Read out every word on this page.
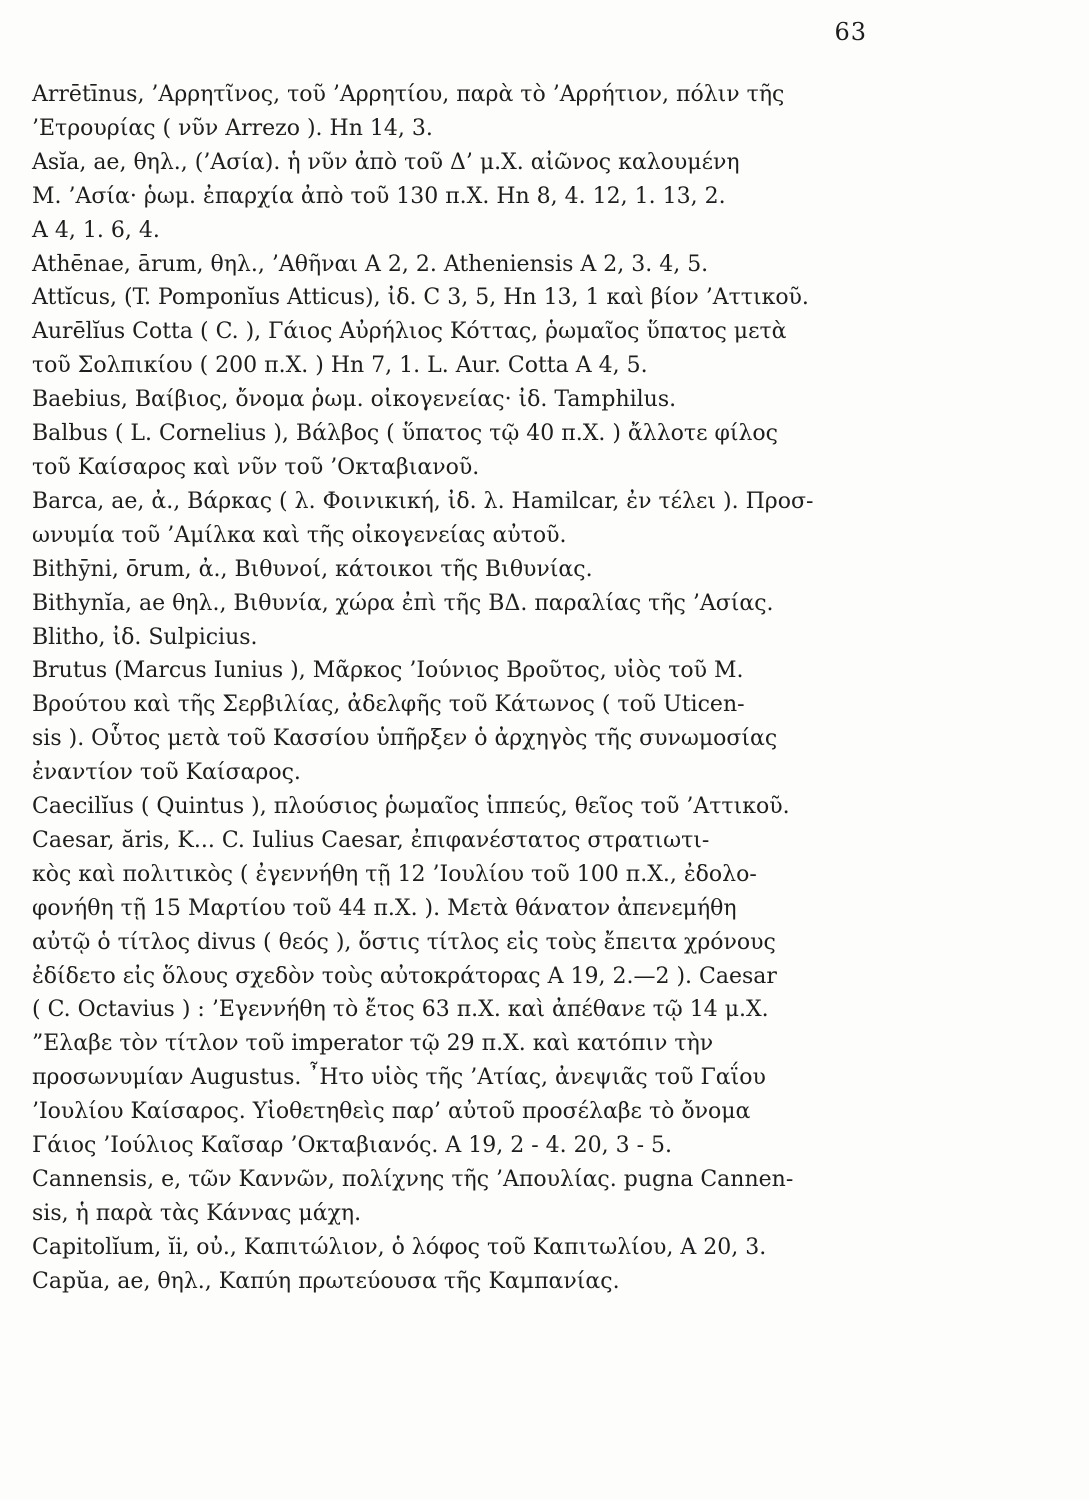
63
Arrētīnus, ’Αρρητῖνος, τοῦ ’Αρρητίου, παρὰ τὸ ’Αρρήτιον, πόλιν τῆς
’Ετρουρίας ( νῦν Arrezo ). Hn 14, 3.
Asĭa, ae, θηλ., (’Ασία). ἡ νῦν ἀπὸ τοῦ Δ’ μ.Χ. αἰῶνος καλουμένη
Μ. ’Ασία· ῥωμ. ἐπαρχία ἀπὸ τοῦ 130 π.Χ. Hn 8, 4. 12, 1. 13, 2.
A 4, 1. 6, 4.
Athēnae, ārum, θηλ., ’Αθῆναι A 2, 2. Atheniensis A 2, 3. 4, 5.
Attĭcus, (T. Pomponĭus Atticus), ἰδ. C 3, 5, Hn 13, 1 καὶ βίον ’Αττικοῦ.
Aurēlĭus Cotta ( C. ), Γάιος Αὐρήλιος Κόττας, ῥωμαῖος ὕπατος μετὰ
τοῦ Σολπικίου ( 200 π.Χ. ) Hn 7, 1. L. Aur. Cotta A 4, 5.
Baebius, Βαίβιος, ὄνομα ῥωμ. οἰκογενείας· ἰδ. Tamphilus.
Balbus ( L. Cornelius ), Βάλβος ( ὕπατος τῷ 40 π.Χ. ) ἄλλοτε φίλος
τοῦ Καίσαρος καὶ νῦν τοῦ ’Οκταβιανοῦ.
Barca, ae, ἀ., Βάρκας ( λ. Φοινικική, ἰδ. λ. Hamilcar, ἐν τέλει ). Προσ-
ωνυμία τοῦ ’Αμίλκα καὶ τῆς οἰκογενείας αὐτοῦ.
Bithȳni, ōrum, ἀ., Βιθυνοί, κάτοικοι τῆς Βιθυνίας.
Bithynĭa, ae θηλ., Βιθυνία, χώρα ἐπὶ τῆς ΒΔ. παραλίας τῆς ’Ασίας.
Blitho, ἰδ. Sulpicius.
Brutus (Marcus Iunius ), Μᾶρκος ’Ιούνιος Βροῦτος, υἱὸς τοῦ Μ.
Βρούτου καὶ τῆς Σερβιλίας, ἀδελφῆς τοῦ Κάτωνος ( τοῦ Uticen-
sis ). Οὗτος μετὰ τοῦ Κασσίου ὑπῆρξεν ὁ ἀρχηγὸς τῆς συνωμοσίας
ἐναντίον τοῦ Καίσαρος.
Caecilĭus ( Quintus ), πλούσιος ῥωμαῖος ἱππεύς, θεῖος τοῦ ’Αττικοῦ.
Caesar, ăris, Κ... C. Iulius Caesar, ἐπιφανέστατος στρατιωτι-
κὸς καὶ πολιτικὸς ( ἐγεννήθη τῇ 12 ’Ιουλίου τοῦ 100 π.Χ., ἐδολο-
φονήθη τῇ 15 Μαρτίου τοῦ 44 π.Χ. ). Μετὰ θάνατον ἀπενεμήθη
αὐτῷ ὁ τίτλος divus ( θεός ), ὅστις τίτλος εἰς τοὺς ἔπειτα χρόνους
ἐδίδετο εἰς ὅλους σχεδὸν τοὺς αὐτοκράτορας A 19, 2.—2 ). Caesar
( C. Octavius ) : ’Εγεννήθη τὸ ἔτος 63 π.Χ. καὶ ἀπέθανε τῷ 14 μ.Χ.
”Ελαβε τὸν τίτλον τοῦ imperator τῷ 29 π.Χ. καὶ κατόπιν τὴν
προσωνυμίαν Augustus. ῏Ητο υἱὸς τῆς ’Ατίας, ἀνεψιᾶς τοῦ Γαΐου
’Ιουλίου Καίσαρος. Υἱοθετηθεὶς παρ’ αὐτοῦ προσέλαβε τὸ ὄνομα
Γάιος ’Ιούλιος Καῖσαρ ’Οκταβιανός. A 19, 2 - 4. 20, 3 - 5.
Cannensis, e, τῶν Καννῶν, πολίχνης τῆς ’Απουλίας. pugna Cannen-
sis, ἡ παρὰ τὰς Κάννας μάχη.
Capitolĭum, ĭi, οὐ., Καπιτώλιον, ὁ λόφος τοῦ Καπιτωλίου, A 20, 3.
Capŭa, ae, θηλ., Καπύη πρωτεύουσα τῆς Καμπανίας.
